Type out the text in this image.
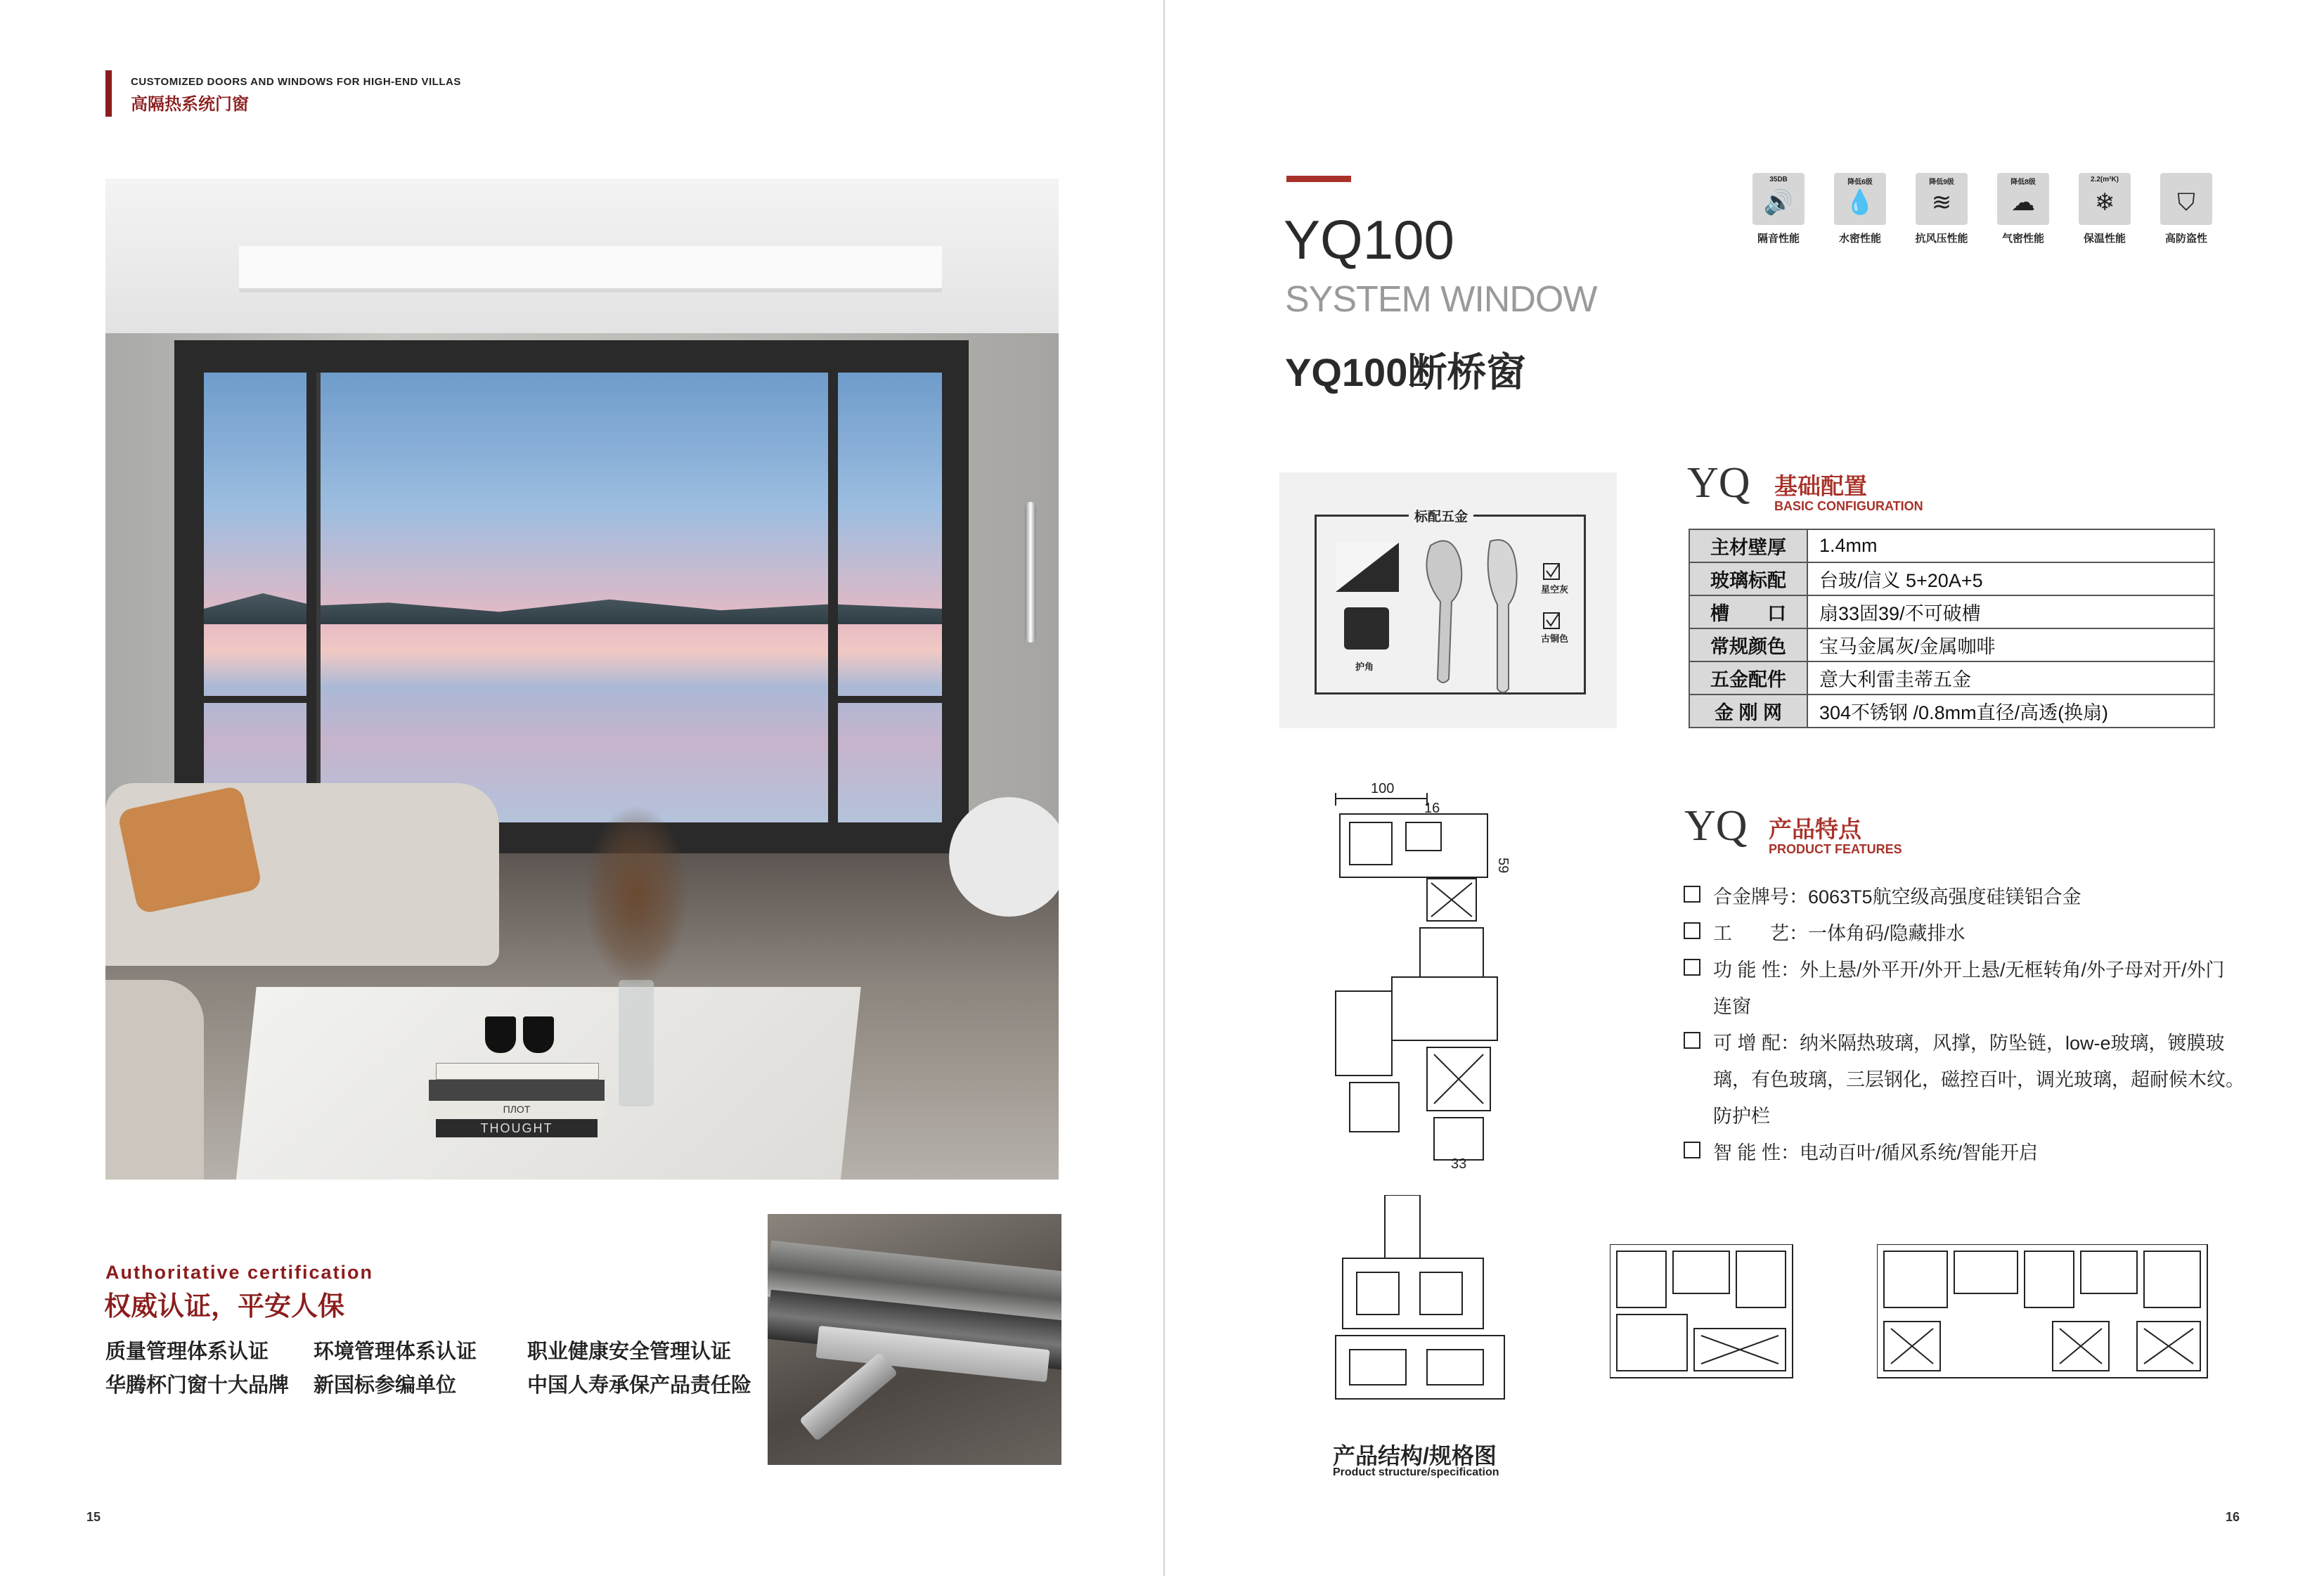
CUSTOMIZED DOORS AND WINDOWS FOR HIGH-END VILLAS
高隔热系统门窗
ПЛОТ
THOUGHT
Authoritative certification
权威认证，平安人保
质量管理体系认证 环境管理体系认证 职业健康安全管理认证
华腾杯门窗十大品牌 新国标参编单位	中国人寿承保产品责任险
15
YQ100
SYSTEM WINDOW
YQ100断桥窗
35DB
🔊
隔音性能
降低6级
💧
水密性能
降低9级
≋
抗风压性能
降低8级
☁
气密性能
2.2(m²K)
❄
保温性能
⛉
高防盗性
标配五金
护角
星空灰
古铜色
YQ 基础配置
BASIC CONFIGURATION
主材壁厚	1.4mm
玻璃标配	台玻/信义 5+20A+5
槽　　口	扇33固39/不可破槽
常规颜色	宝马金属灰/金属咖啡
五金配件	意大利雷圭蒂五金
金 刚 网	304不锈钢 /0.8mm直径/高透(换扇)
YQ 产品特点
PRODUCT FEATURES
合金牌号：6063T5航空级高强度硅镁铝合金
工　　艺：一体角码/隐藏排水
功 能 性：外上悬/外平开/外开上悬/无框转角/外子母对开/外门
连窗
可 增 配：纳米隔热玻璃，风撑，防坠链，low-e玻璃，镀膜玻
璃，有色玻璃，三层钢化，磁控百叶，调光玻璃，超耐候木纹。
防护栏
智 能 性：电动百叶/循风系统/智能开启
100
16
59
33
产品结构/规格图
Product structure/specification
16
